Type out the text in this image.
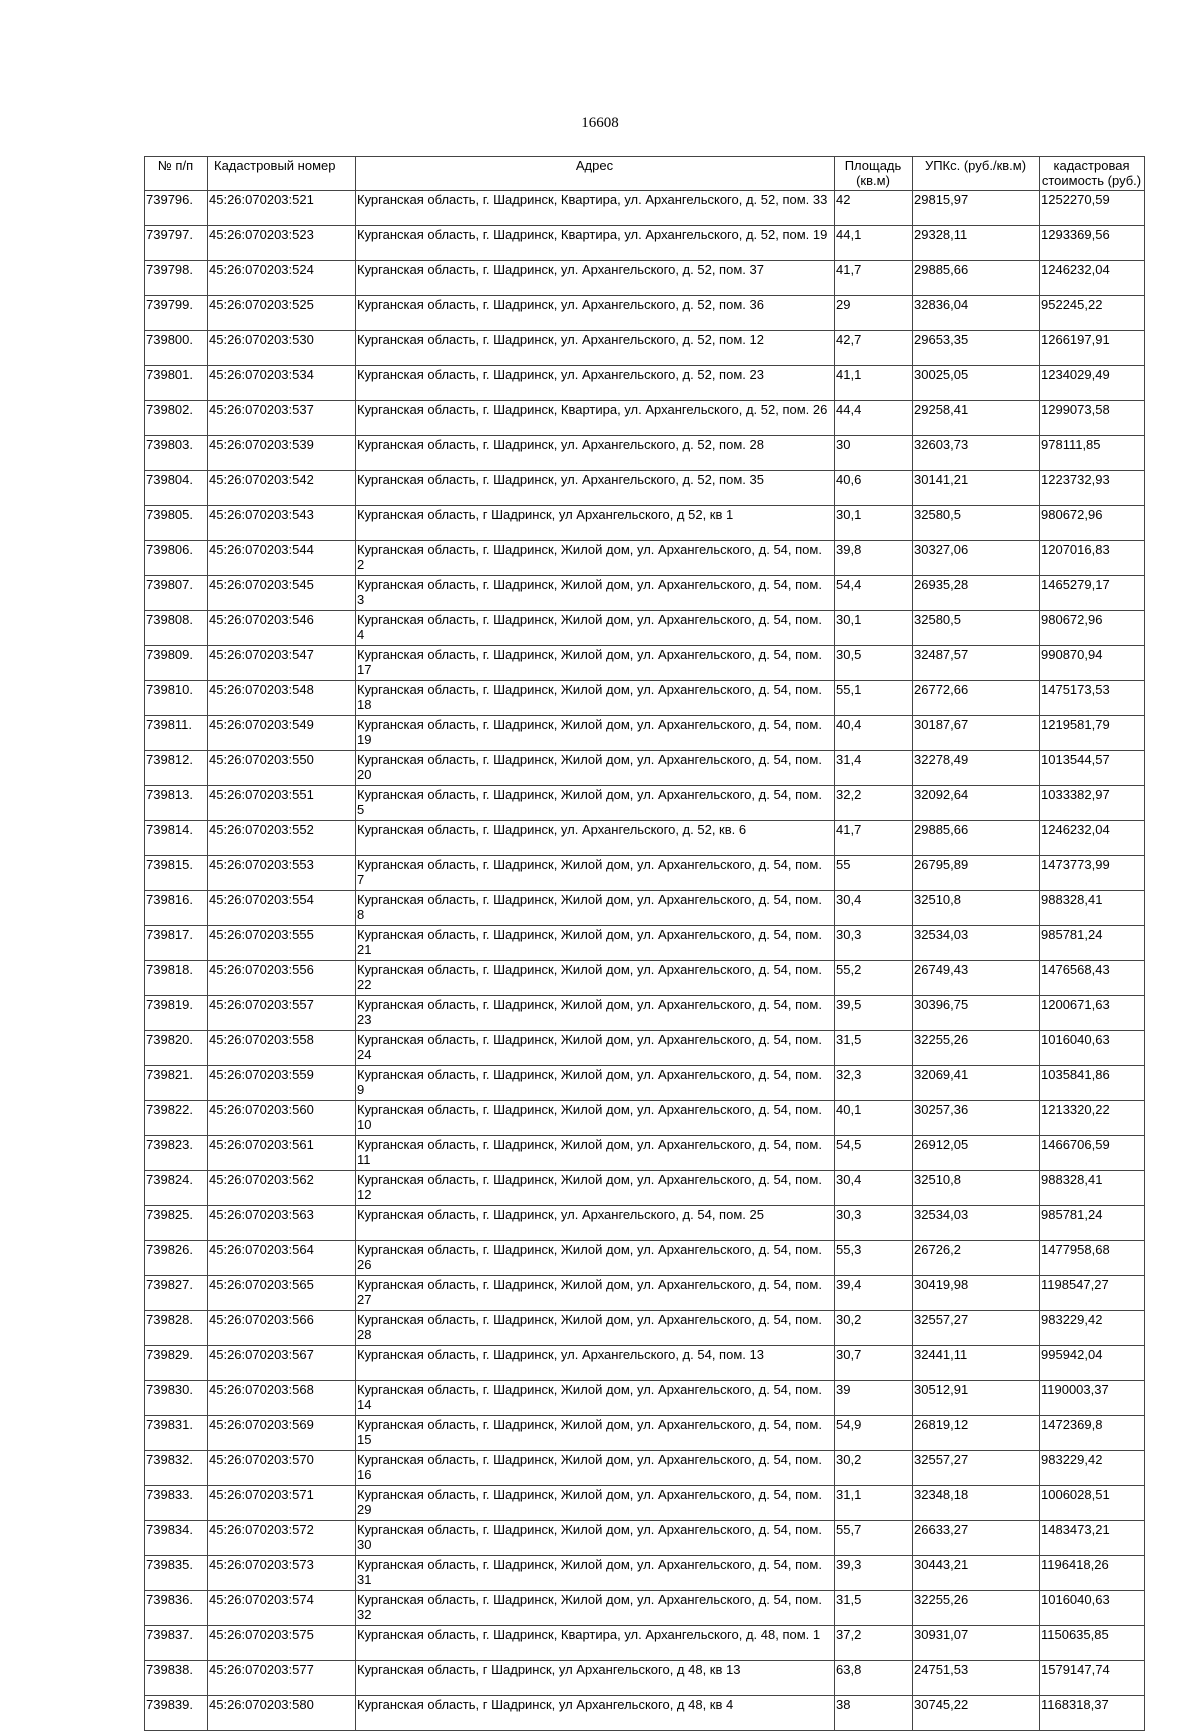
16608
№ п/п	Кадастровый номер	Адрес	Площадь (кв.м)	УПКс. (руб./кв.м)	кадастровая стоимость (руб.)
739796.	45:26:070203:521	Курганская область, г. Шадринск, Квартира, ул. Архангельского, д. 52, пом. 33	42	29815,97	1252270,59
739797.	45:26:070203:523	Курганская область, г. Шадринск, Квартира, ул. Архангельского, д. 52, пом. 19	44,1	29328,11	1293369,56
739798.	45:26:070203:524	Курганская область, г. Шадринск, ул. Архангельского, д. 52, пом. 37	41,7	29885,66	1246232,04
739799.	45:26:070203:525	Курганская область, г. Шадринск, ул. Архангельского, д. 52, пом. 36	29	32836,04	952245,22
739800.	45:26:070203:530	Курганская область, г. Шадринск, ул. Архангельского, д. 52, пом. 12	42,7	29653,35	1266197,91
739801.	45:26:070203:534	Курганская область, г. Шадринск, ул. Архангельского, д. 52, пом. 23	41,1	30025,05	1234029,49
739802.	45:26:070203:537	Курганская область, г. Шадринск, Квартира, ул. Архангельского, д. 52, пом. 26	44,4	29258,41	1299073,58
739803.	45:26:070203:539	Курганская область, г. Шадринск, ул. Архангельского, д. 52, пом. 28	30	32603,73	978111,85
739804.	45:26:070203:542	Курганская область, г. Шадринск, ул. Архангельского, д. 52, пом. 35	40,6	30141,21	1223732,93
739805.	45:26:070203:543	Курганская область, г Шадринск, ул Архангельского, д 52, кв 1	30,1	32580,5	980672,96
739806.	45:26:070203:544	Курганская область, г. Шадринск, Жилой дом, ул. Архангельского, д. 54, пом. 2	39,8	30327,06	1207016,83
739807.	45:26:070203:545	Курганская область, г. Шадринск, Жилой дом, ул. Архангельского, д. 54, пом. 3	54,4	26935,28	1465279,17
739808.	45:26:070203:546	Курганская область, г. Шадринск, Жилой дом, ул. Архангельского, д. 54, пом. 4	30,1	32580,5	980672,96
739809.	45:26:070203:547	Курганская область, г. Шадринск, Жилой дом, ул. Архангельского, д. 54, пом. 17	30,5	32487,57	990870,94
739810.	45:26:070203:548	Курганская область, г. Шадринск, Жилой дом, ул. Архангельского, д. 54, пом. 18	55,1	26772,66	1475173,53
739811.	45:26:070203:549	Курганская область, г. Шадринск, Жилой дом, ул. Архангельского, д. 54, пом. 19	40,4	30187,67	1219581,79
739812.	45:26:070203:550	Курганская область, г. Шадринск, Жилой дом, ул. Архангельского, д. 54, пом. 20	31,4	32278,49	1013544,57
739813.	45:26:070203:551	Курганская область, г. Шадринск, Жилой дом, ул. Архангельского, д. 54, пом. 5	32,2	32092,64	1033382,97
739814.	45:26:070203:552	Курганская область, г. Шадринск, ул. Архангельского, д. 52, кв. 6	41,7	29885,66	1246232,04
739815.	45:26:070203:553	Курганская область, г. Шадринск, Жилой дом, ул. Архангельского, д. 54, пом. 7	55	26795,89	1473773,99
739816.	45:26:070203:554	Курганская область, г. Шадринск, Жилой дом, ул. Архангельского, д. 54, пом. 8	30,4	32510,8	988328,41
739817.	45:26:070203:555	Курганская область, г. Шадринск, Жилой дом, ул. Архангельского, д. 54, пом. 21	30,3	32534,03	985781,24
739818.	45:26:070203:556	Курганская область, г. Шадринск, Жилой дом, ул. Архангельского, д. 54, пом. 22	55,2	26749,43	1476568,43
739819.	45:26:070203:557	Курганская область, г. Шадринск, Жилой дом, ул. Архангельского, д. 54, пом. 23	39,5	30396,75	1200671,63
739820.	45:26:070203:558	Курганская область, г. Шадринск, Жилой дом, ул. Архангельского, д. 54, пом. 24	31,5	32255,26	1016040,63
739821.	45:26:070203:559	Курганская область, г. Шадринск, Жилой дом, ул. Архангельского, д. 54, пом. 9	32,3	32069,41	1035841,86
739822.	45:26:070203:560	Курганская область, г. Шадринск, Жилой дом, ул. Архангельского, д. 54, пом. 10	40,1	30257,36	1213320,22
739823.	45:26:070203:561	Курганская область, г. Шадринск, Жилой дом, ул. Архангельского, д. 54, пом. 11	54,5	26912,05	1466706,59
739824.	45:26:070203:562	Курганская область, г. Шадринск, Жилой дом, ул. Архангельского, д. 54, пом. 12	30,4	32510,8	988328,41
739825.	45:26:070203:563	Курганская область, г. Шадринск, ул. Архангельского, д. 54, пом. 25	30,3	32534,03	985781,24
739826.	45:26:070203:564	Курганская область, г. Шадринск, Жилой дом, ул. Архангельского, д. 54, пом. 26	55,3	26726,2	1477958,68
739827.	45:26:070203:565	Курганская область, г. Шадринск, Жилой дом, ул. Архангельского, д. 54, пом. 27	39,4	30419,98	1198547,27
739828.	45:26:070203:566	Курганская область, г. Шадринск, Жилой дом, ул. Архангельского, д. 54, пом. 28	30,2	32557,27	983229,42
739829.	45:26:070203:567	Курганская область, г. Шадринск, ул. Архангельского, д. 54, пом. 13	30,7	32441,11	995942,04
739830.	45:26:070203:568	Курганская область, г. Шадринск, Жилой дом, ул. Архангельского, д. 54, пом. 14	39	30512,91	1190003,37
739831.	45:26:070203:569	Курганская область, г. Шадринск, Жилой дом, ул. Архангельского, д. 54, пом. 15	54,9	26819,12	1472369,8
739832.	45:26:070203:570	Курганская область, г. Шадринск, Жилой дом, ул. Архангельского, д. 54, пом. 16	30,2	32557,27	983229,42
739833.	45:26:070203:571	Курганская область, г. Шадринск, Жилой дом, ул. Архангельского, д. 54, пом. 29	31,1	32348,18	1006028,51
739834.	45:26:070203:572	Курганская область, г. Шадринск, Жилой дом, ул. Архангельского, д. 54, пом. 30	55,7	26633,27	1483473,21
739835.	45:26:070203:573	Курганская область, г. Шадринск, Жилой дом, ул. Архангельского, д. 54, пом. 31	39,3	30443,21	1196418,26
739836.	45:26:070203:574	Курганская область, г. Шадринск, Жилой дом, ул. Архангельского, д. 54, пом. 32	31,5	32255,26	1016040,63
739837.	45:26:070203:575	Курганская область, г. Шадринск, Квартира, ул. Архангельского, д. 48, пом. 1	37,2	30931,07	1150635,85
739838.	45:26:070203:577	Курганская область, г Шадринск, ул Архангельского, д 48, кв 13	63,8	24751,53	1579147,74
739839.	45:26:070203:580	Курганская область, г Шадринск, ул Архангельского, д 48, кв 4	38	30745,22	1168318,37
